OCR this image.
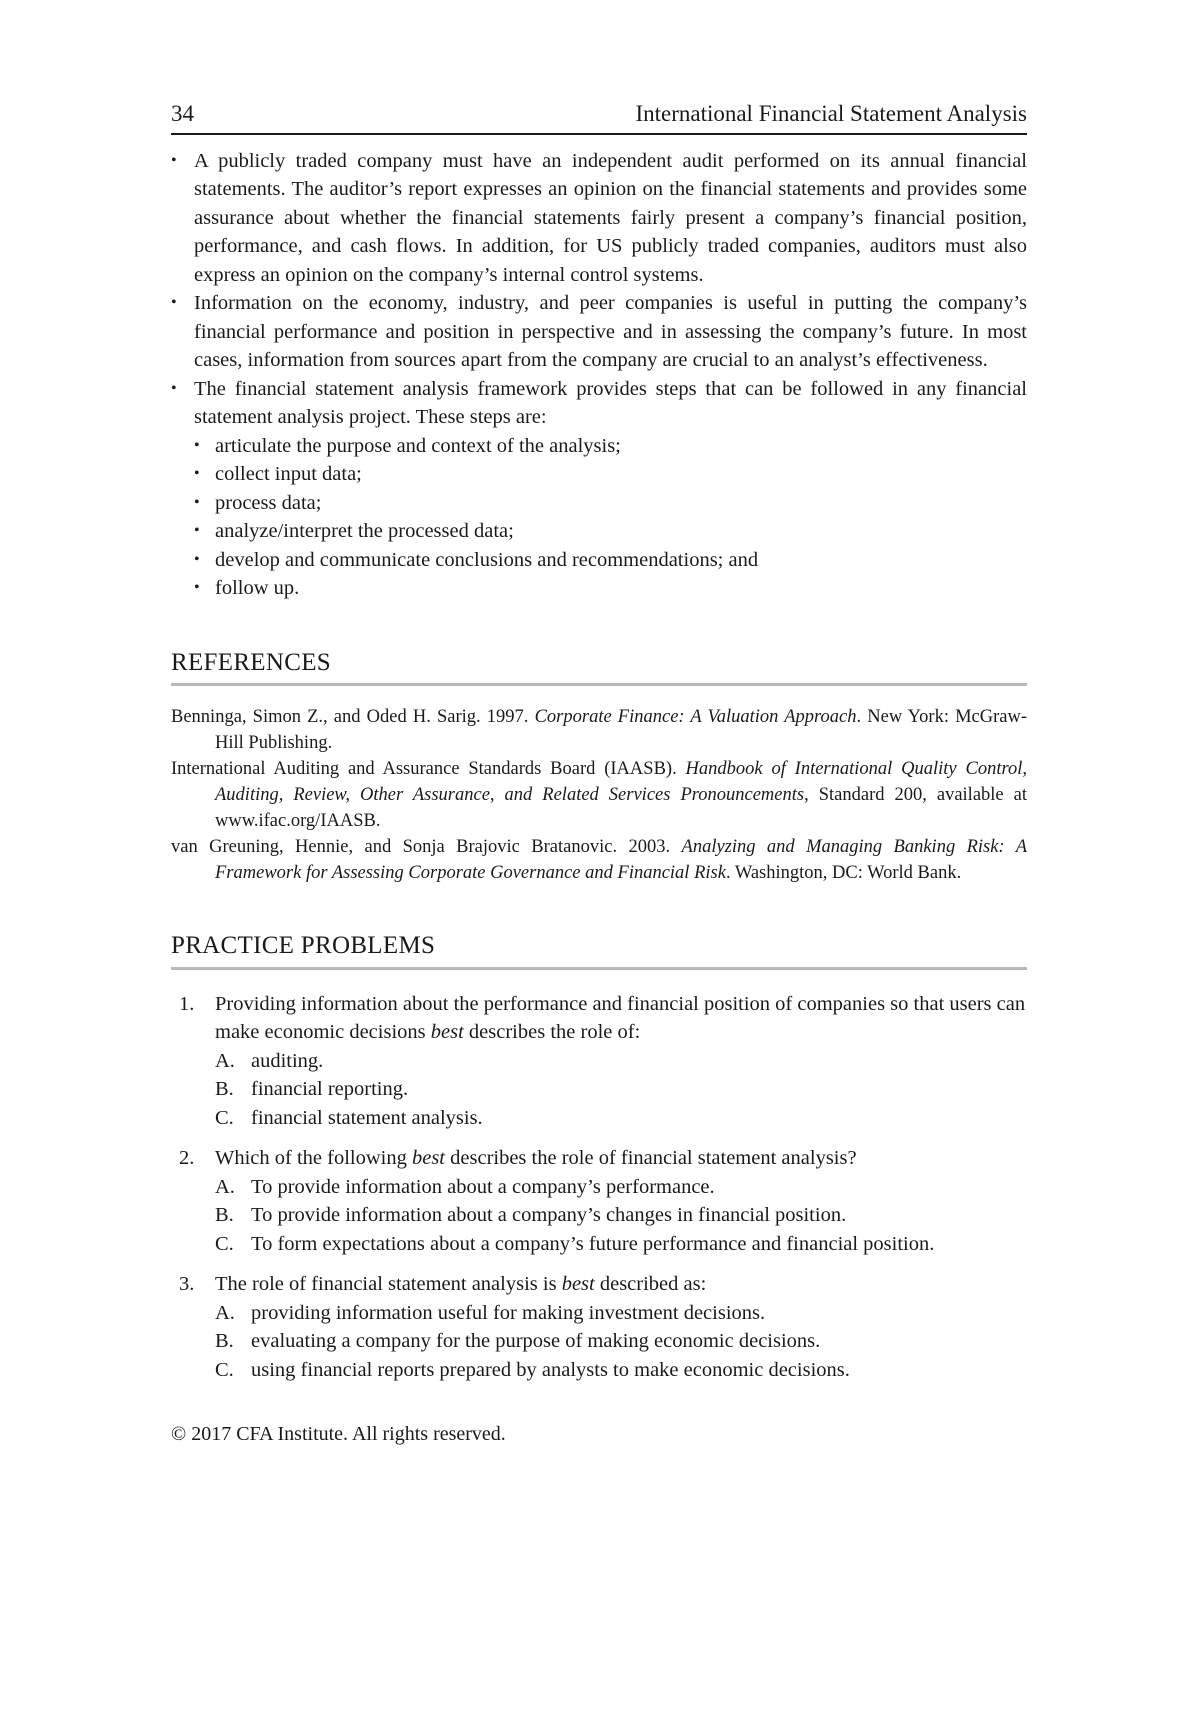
34	International Financial Statement Analysis
• A publicly traded company must have an independent audit performed on its annual financial statements. The auditor’s report expresses an opinion on the financial statements and provides some assurance about whether the financial statements fairly present a company’s financial position, performance, and cash flows. In addition, for US publicly traded companies, auditors must also express an opinion on the company’s internal control systems.
• Information on the economy, industry, and peer companies is useful in putting the company’s financial performance and position in perspective and in assessing the company’s future. In most cases, information from sources apart from the company are crucial to an analyst’s effectiveness.
• The financial statement analysis framework provides steps that can be followed in any financial statement analysis project. These steps are:
• articulate the purpose and context of the analysis;
• collect input data;
• process data;
• analyze/interpret the processed data;
• develop and communicate conclusions and recommendations; and
• follow up.
REFERENCES
Benninga, Simon Z., and Oded H. Sarig. 1997. Corporate Finance: A Valuation Approach. New York: McGraw-Hill Publishing.
International Auditing and Assurance Standards Board (IAASB). Handbook of International Quality Control, Auditing, Review, Other Assurance, and Related Services Pronouncements, Standard 200, available at www.ifac.org/IAASB.
van Greuning, Hennie, and Sonja Brajovic Bratanovic. 2003. Analyzing and Managing Banking Risk: A Framework for Assessing Corporate Governance and Financial Risk. Washington, DC: World Bank.
PRACTICE PROBLEMS
1. Providing information about the performance and financial position of companies so that users can make economic decisions best describes the role of:
A. auditing.
B. financial reporting.
C. financial statement analysis.
2. Which of the following best describes the role of financial statement analysis?
A. To provide information about a company’s performance.
B. To provide information about a company’s changes in financial position.
C. To form expectations about a company’s future performance and financial position.
3. The role of financial statement analysis is best described as:
A. providing information useful for making investment decisions.
B. evaluating a company for the purpose of making economic decisions.
C. using financial reports prepared by analysts to make economic decisions.
© 2017 CFA Institute. All rights reserved.
